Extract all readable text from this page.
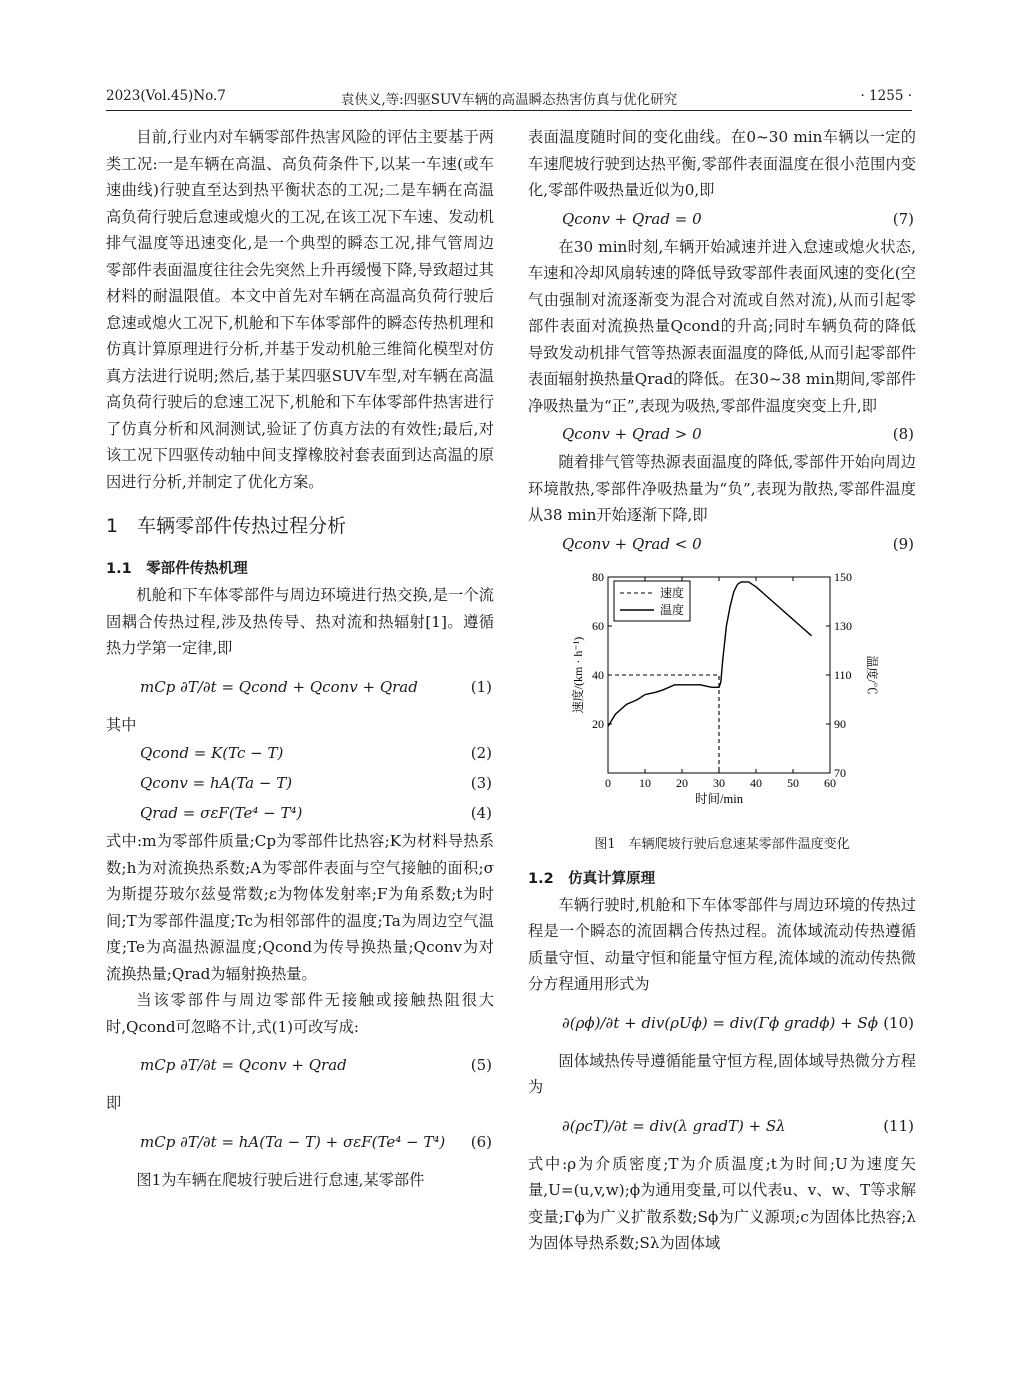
2023(Vol.45)No.7	袁侠义,等:四驱SUV车辆的高温瞬态热害仿真与优化研究	· 1255 ·

目前,行业内对车辆零部件热害风险的评估主要基于两类工况:一是车辆在高温、高负荷条件下,以某一车速(或车速曲线)行驶直至达到热平衡状态的工况;二是车辆在高温高负荷行驶后怠速或熄火的工况,在该工况下车速、发动机排气温度等迅速变化,是一个典型的瞬态工况,排气管周边零部件表面温度往往会先突然上升再缓慢下降,导致超过其材料的耐温限值。本文中首先对车辆在高温高负荷行驶后怠速或熄火工况下,机舱和下车体零部件的瞬态传热机理和仿真计算原理进行分析,并基于发动机舱三维简化模型对仿真方法进行说明;然后,基于某四驱SUV车型,对车辆在高温高负荷行驶后的怠速工况下,机舱和下车体零部件热害进行了仿真分析和风洞测试,验证了仿真方法的有效性;最后,对该工况下四驱传动轴中间支撑橡胶衬套表面到达高温的原因进行分析,并制定了优化方案。

1　车辆零部件传热过程分析
1.1　零部件传热机理

机舱和下车体零部件与周边环境进行热交换,是一个流固耦合传热过程,涉及热传导、热对流和热辐射[1]。遵循热力学第一定律,即

mCp ∂T/∂t = Qcond + Qconv + Qrad	(1)
其中
Qcond = K(Tc − T)	(2)
Qconv = hA(Ta − T)	(3)
Qrad = σεF(Te⁴ − T⁴)	(4)

式中:m为零部件质量;Cp为零部件比热容;K为材料导热系数;h为对流换热系数;A为零部件表面与空气接触的面积;σ为斯提芬玻尔兹曼常数;ε为物体发射率;F为角系数;t为时间;T为零部件温度;Tc为相邻部件的温度;Ta为周边空气温度;Te为高温热源温度;Qcond为传导换热量;Qconv为对流换热量;Qrad为辐射换热量。

当该零部件与周边零部件无接触或接触热阻很大时,Qcond可忽略不计,式(1)可改写成:

mCp ∂T/∂t = Qconv + Qrad	(5)
即
mCp ∂T/∂t = hA(Ta − T) + σεF(Te⁴ − T⁴) (6)

图1为车辆在爬坡行驶后进行怠速,某零部件

表面温度随时间的变化曲线。在0~30 min车辆以一定的车速爬坡行驶到达热平衡,零部件表面温度在很小范围内变化,零部件吸热量近似为0,即

Qconv + Qrad = 0	(7)

在30 min时刻,车辆开始减速并进入怠速或熄火状态,车速和冷却风扇转速的降低导致零部件表面风速的变化(空气由强制对流逐渐变为混合对流或自然对流),从而引起零部件表面对流换热量Qcond的升高;同时车辆负荷的降低导致发动机排气管等热源表面温度的降低,从而引起零部件表面辐射换热量Qrad的降低。在30~38 min期间,零部件净吸热量为“正”,表现为吸热,零部件温度突变上升,即

Qconv + Qrad > 0	(8)

随着排气管等热源表面温度的降低,零部件开始向周边环境散热,零部件净吸热量为“负”,表现为散热,零部件温度从38 min开始逐渐下降,即

Qconv + Qrad < 0	(9)
0 10 20 30 40 50 60
20
40
60
80
70
90
110
130
150
时间/min
速度/(km · h⁻¹)	温度/℃
速度
温度
图1　车辆爬坡行驶后怠速某零部件温度变化
1.2　仿真计算原理

车辆行驶时,机舱和下车体零部件与周边环境的传热过程是一个瞬态的流固耦合传热过程。流体域流动传热遵循质量守恒、动量守恒和能量守恒方程,流体域的流动传热微分方程通用形式为

∂(ρϕ)/∂t + div(ρUϕ) = div(Γϕ gradϕ) + Sϕ (10)

固体域热传导遵循能量守恒方程,固体域导热微分方程为

∂(ρcT)/∂t = div(λ gradT) + Sλ	(11)

式中:ρ为介质密度;T为介质温度;t为时间;U为速度矢量,U=(u,v,w);ϕ为通用变量,可以代表u、v、w、T等求解变量;Γϕ为广义扩散系数;Sϕ为广义源项;c为固体比热容;λ为固体导热系数;Sλ为固体域
